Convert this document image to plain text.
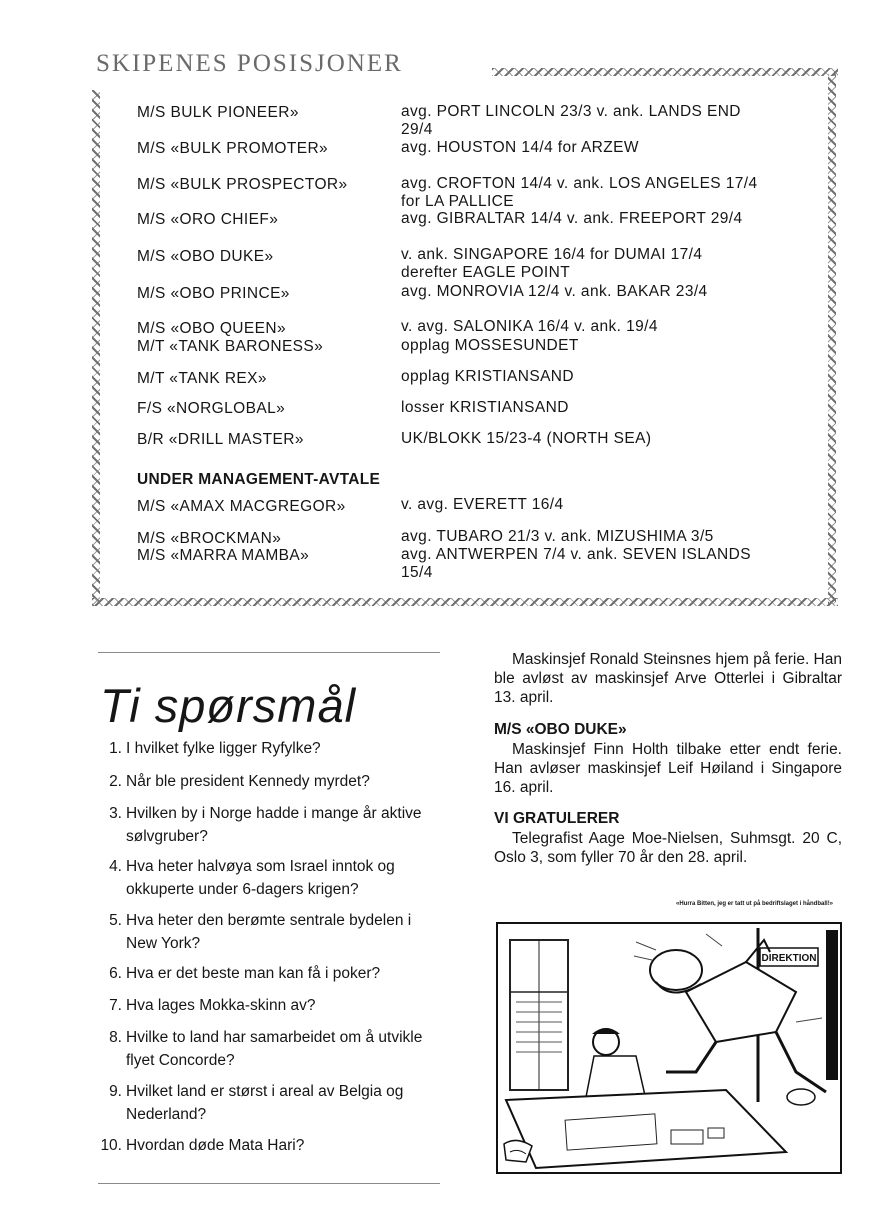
SKIPENES POSISJONER
M/S BULK PIONEER»	avg. PORT LINCOLN 23/3 v. ank. LANDS END
29/4
M/S «BULK PROMOTER»	avg. HOUSTON 14/4 for ARZEW
M/S «BULK PROSPECTOR»	avg. CROFTON 14/4 v. ank. LOS ANGELES 17/4
for LA PALLICE
M/S «ORO CHIEF»	avg. GIBRALTAR 14/4 v. ank. FREEPORT 29/4
M/S «OBO DUKE»	v. ank. SINGAPORE 16/4 for DUMAI 17/4
derefter EAGLE POINT
M/S «OBO PRINCE»	avg. MONROVIA 12/4 v. ank. BAKAR 23/4
M/S «OBO QUEEN»	v. avg. SALONIKA 16/4 v. ank. 19/4
M/T «TANK BARONESS»	opplag MOSSESUNDET
M/T «TANK REX»	opplag KRISTIANSAND
F/S «NORGLOBAL»	losser KRISTIANSAND
B/R «DRILL MASTER»	UK/BLOKK 15/23-4 (NORTH SEA)
UNDER MANAGEMENT-AVTALE
M/S «AMAX MACGREGOR»	v. avg. EVERETT 16/4
M/S «BROCKMAN»	avg. TUBARO 21/3 v. ank. MIZUSHIMA 3/5
M/S «MARRA MAMBA»	avg. ANTWERPEN 7/4 v. ank. SEVEN ISLANDS
15/4
Ti spørsmål
1. I hvilket fylke ligger Ryfylke?
2. Når ble president Kennedy myrdet?
3. Hvilken by i Norge hadde i mange år aktive sølvgruber?
4. Hva heter halvøya som Israel inntok og okkuperte under 6-dagers krigen?
5. Hva heter den berømte sentrale bydelen i New York?
6. Hva er det beste man kan få i poker?
7. Hva lages Mokka-skinn av?
8. Hvilke to land har samarbeidet om å utvikle flyet Concorde?
9. Hvilket land er størst i areal av Belgia og Nederland?
10. Hvordan døde Mata Hari?
Maskinsjef Ronald Steinsnes hjem på ferie. Han ble avløst av maskinsjef Arve Otterlei i Gibraltar 13. april.
M/S «OBO DUKE»
Maskinsjef Finn Holth tilbake etter endt ferie. Han avløser maskinsjef Leif Høiland i Singapore 16. april.
VI GRATULERER
Telegrafist Aage Moe-Nielsen, Suhmsgt. 20 C, Oslo 3, som fyller 70 år den 28. april.
«Hurra Bitten, jeg er tatt ut på bedriftslaget i håndball!»
DIREKTION
